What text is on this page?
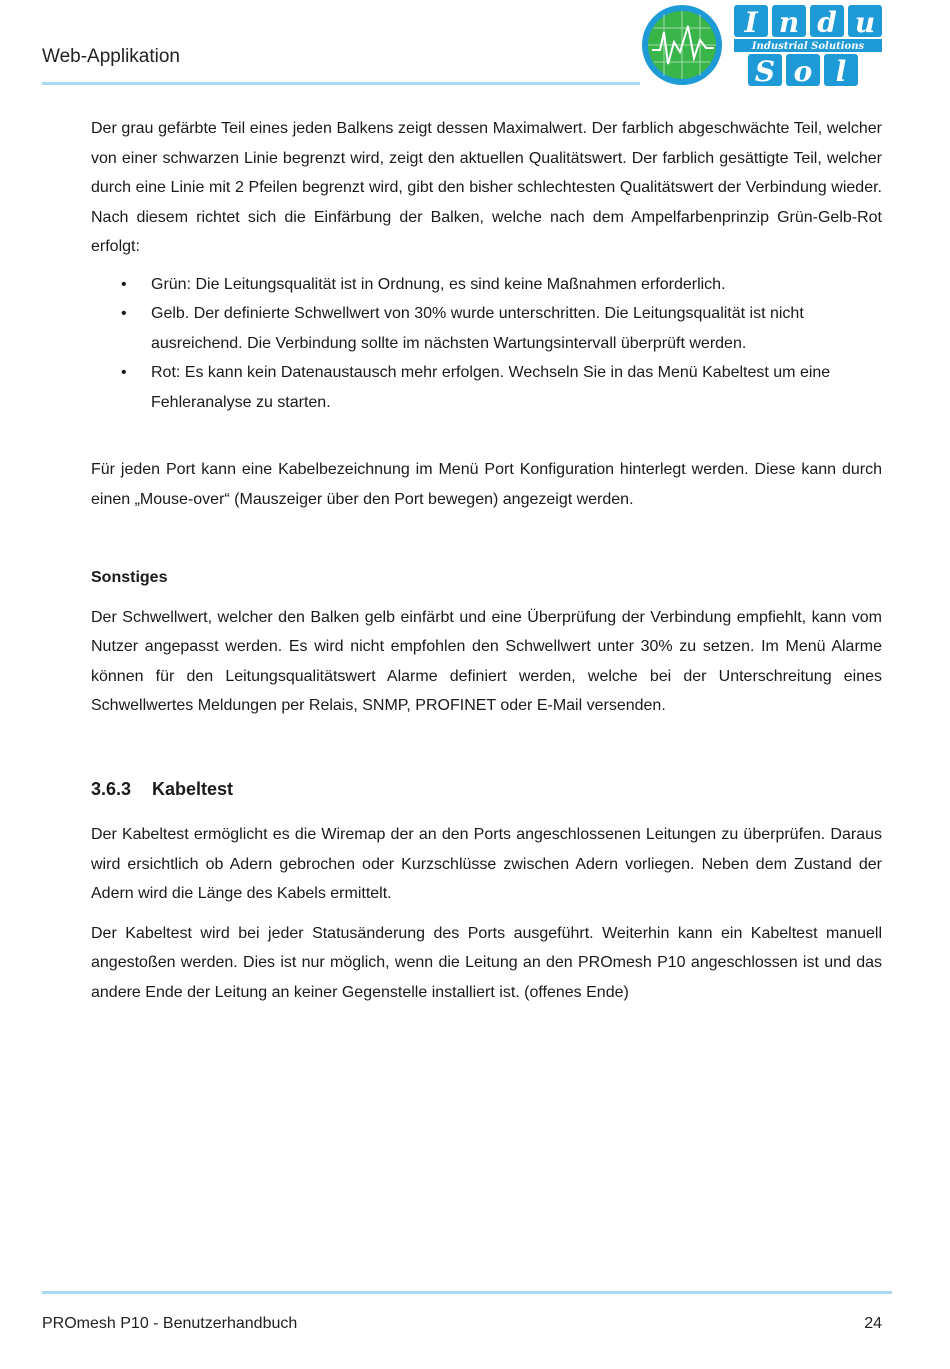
Web-Applikation
I n d u
Industrial Solutions
S o l

Der grau gefärbte Teil eines jeden Balkens zeigt dessen Maximalwert. Der farblich abgeschwächte Teil, welcher von einer schwarzen Linie begrenzt wird, zeigt den aktuellen Qualitätswert. Der farblich gesättigte Teil, welcher durch eine Linie mit 2 Pfeilen begrenzt wird, gibt den bisher schlechtesten Qualitätswert der Verbindung wieder. Nach diesem richtet sich die Einfärbung der Balken, welche nach dem Ampelfarbenprinzip Grün-Gelb-Rot erfolgt:

• Grün: Die Leitungsqualität ist in Ordnung, es sind keine Maßnahmen erforderlich.
• Gelb. Der definierte Schwellwert von 30% wurde unterschritten. Die Leitungsqualität ist nicht ausreichend. Die Verbindung sollte im nächsten Wartungsintervall überprüft werden.
• Rot: Es kann kein Datenaustausch mehr erfolgen. Wechseln Sie in das Menü Kabeltest um eine Fehleranalyse zu starten.

Für jeden Port kann eine Kabelbezeichnung im Menü Port Konfiguration hinterlegt werden. Diese kann durch einen „Mouse-over“ (Mauszeiger über den Port bewegen) angezeigt werden.

Sonstiges

Der Schwellwert, welcher den Balken gelb einfärbt und eine Überprüfung der Verbindung empfiehlt, kann vom Nutzer angepasst werden. Es wird nicht empfohlen den Schwellwert unter 30% zu setzen. Im Menü Alarme können für den Leitungsqualitätswert Alarme definiert werden, welche bei der Unterschreitung eines Schwellwertes Meldungen per Relais, SNMP, PROFINET oder E-Mail versenden.

3.6.3 Kabeltest

Der Kabeltest ermöglicht es die Wiremap der an den Ports angeschlossenen Leitungen zu überprüfen. Daraus wird ersichtlich ob Adern gebrochen oder Kurzschlüsse zwischen Adern vorliegen. Neben dem Zustand der Adern wird die Länge des Kabels ermittelt.

Der Kabeltest wird bei jeder Statusänderung des Ports ausgeführt. Weiterhin kann ein Kabeltest manuell angestoßen werden. Dies ist nur möglich, wenn die Leitung an den PROmesh P10 angeschlossen ist und das andere Ende der Leitung an keiner Gegenstelle installiert ist. (offenes Ende)

PROmesh P10 - Benutzerhandbuch	24
